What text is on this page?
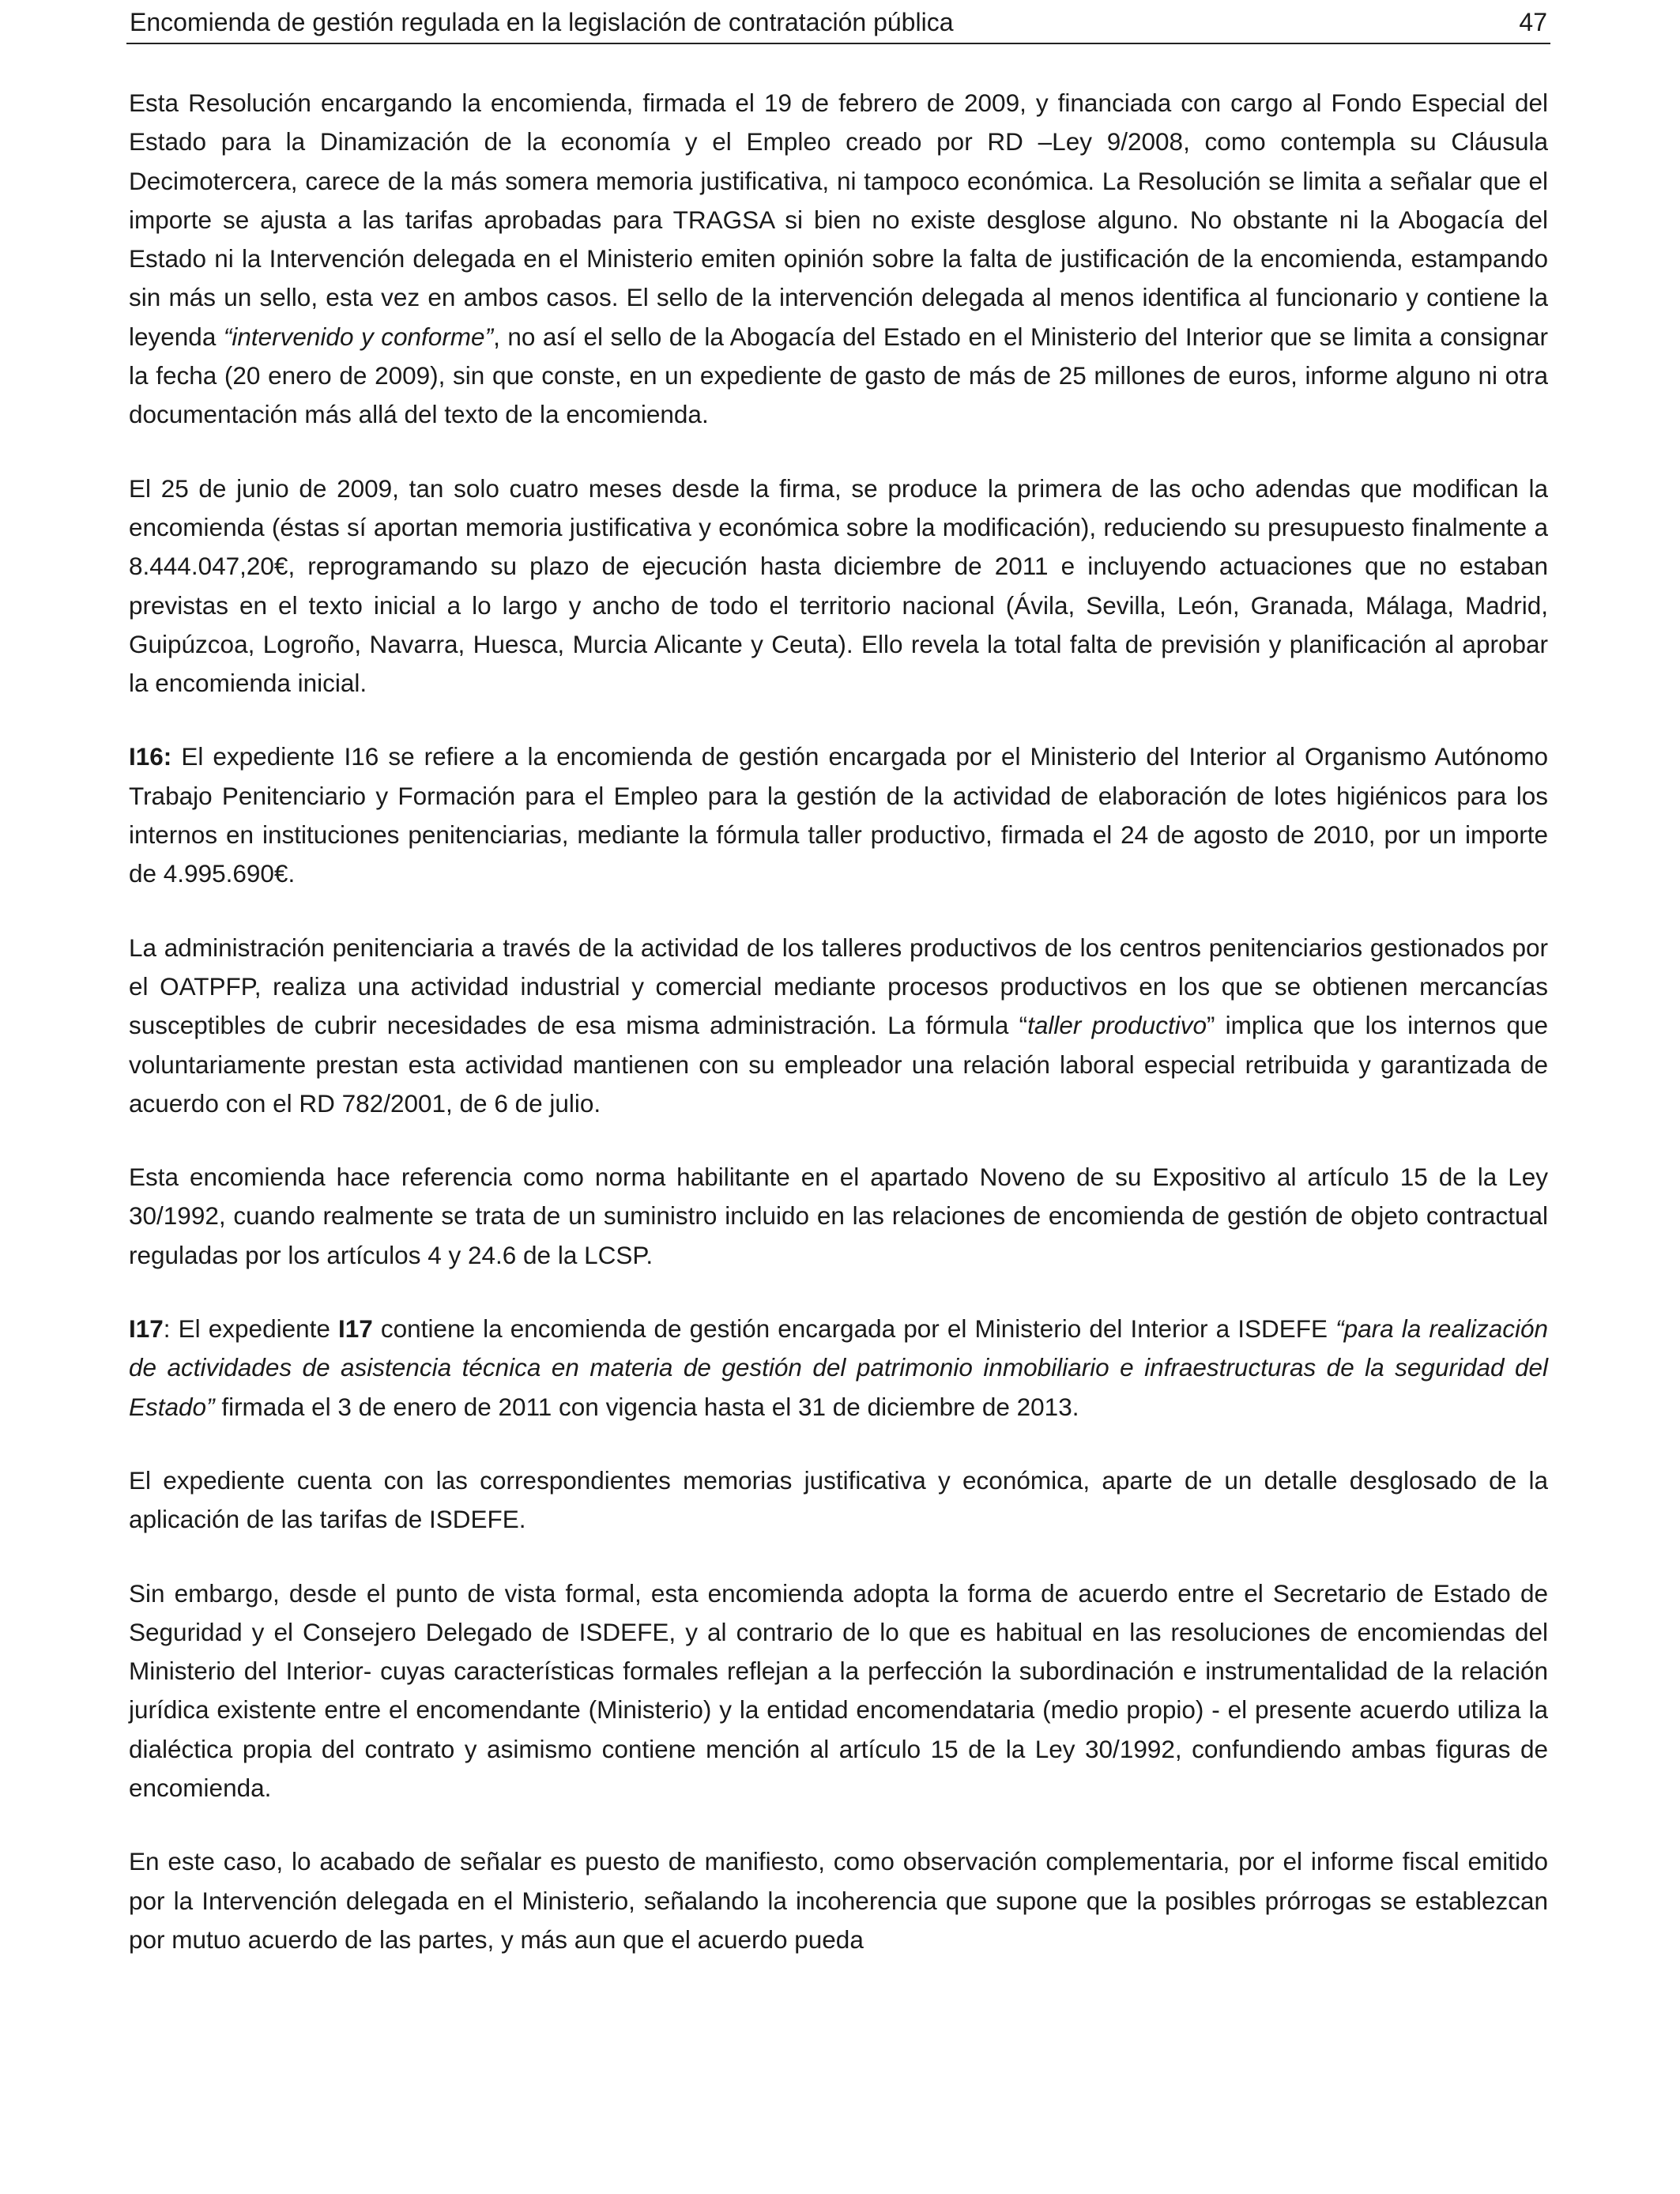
Encomienda de gestión regulada en la legislación de contratación pública	47

Esta Resolución encargando la encomienda, firmada el 19 de febrero de 2009, y financiada con cargo al Fondo Especial del Estado para la Dinamización de la economía y el Empleo creado por RD –Ley 9/2008, como contempla su Cláusula Decimotercera, carece de la más somera memoria justificativa, ni tampoco económica. La Resolución se limita a señalar que el importe se ajusta a las tarifas aprobadas para TRAGSA si bien no existe desglose alguno. No obstante ni la Abogacía del Estado ni la Intervención delegada en el Ministerio emiten opinión sobre la falta de justificación de la encomienda, estampando sin más un sello, esta vez en ambos casos. El sello de la intervención delegada al menos identifica al funcionario y contiene la leyenda “intervenido y conforme”, no así el sello de la Abogacía del Estado en el Ministerio del Interior que se limita a consignar la fecha (20 enero de 2009), sin que conste, en un expediente de gasto de más de 25 millones de euros, informe alguno ni otra documentación más allá del texto de la encomienda.

El 25 de junio de 2009, tan solo cuatro meses desde la firma, se produce la primera de las ocho adendas que modifican la encomienda (éstas sí aportan memoria justificativa y económica sobre la modificación), reduciendo su presupuesto finalmente a 8.444.047,20€, reprogramando su plazo de ejecución hasta diciembre de 2011 e incluyendo actuaciones que no estaban previstas en el texto inicial a lo largo y ancho de todo el territorio nacional (Ávila, Sevilla, León, Granada, Málaga, Madrid, Guipúzcoa, Logroño, Navarra, Huesca, Murcia Alicante y Ceuta). Ello revela la total falta de previsión y planificación al aprobar la encomienda inicial.

I16: El expediente I16 se refiere a la encomienda de gestión encargada por el Ministerio del Interior al Organismo Autónomo Trabajo Penitenciario y Formación para el Empleo para la gestión de la actividad de elaboración de lotes higiénicos para los internos en instituciones penitenciarias, mediante la fórmula taller productivo, firmada el 24 de agosto de 2010, por un importe de 4.995.690€.

La administración penitenciaria a través de la actividad de los talleres productivos de los centros penitenciarios gestionados por el OATPFP, realiza una actividad industrial y comercial mediante procesos productivos en los que se obtienen mercancías susceptibles de cubrir necesidades de esa misma administración. La fórmula “taller productivo” implica que los internos que voluntariamente prestan esta actividad mantienen con su empleador una relación laboral especial retribuida y garantizada de acuerdo con el RD 782/2001, de 6 de julio.

Esta encomienda hace referencia como norma habilitante en el apartado Noveno de su Expositivo al artículo 15 de la Ley 30/1992, cuando realmente se trata de un suministro incluido en las relaciones de encomienda de gestión de objeto contractual reguladas por los artículos 4 y 24.6 de la LCSP.

I17: El expediente I17 contiene la encomienda de gestión encargada por el Ministerio del Interior a ISDEFE “para la realización de actividades de asistencia técnica en materia de gestión del patrimonio inmobiliario e infraestructuras de la seguridad del Estado” firmada el 3 de enero de 2011 con vigencia hasta el 31 de diciembre de 2013.

El expediente cuenta con las correspondientes memorias justificativa y económica, aparte de un detalle desglosado de la aplicación de las tarifas de ISDEFE.

Sin embargo, desde el punto de vista formal, esta encomienda adopta la forma de acuerdo entre el Secretario de Estado de Seguridad y el Consejero Delegado de ISDEFE, y al contrario de lo que es habitual en las resoluciones de encomiendas del Ministerio del Interior- cuyas características formales reflejan a la perfección la subordinación e instrumentalidad de la relación jurídica existente entre el encomendante (Ministerio) y la entidad encomendataria (medio propio) - el presente acuerdo utiliza la dialéctica propia del contrato y asimismo contiene mención al artículo 15 de la Ley 30/1992, confundiendo ambas figuras de encomienda.

En este caso, lo acabado de señalar es puesto de manifiesto, como observación complementaria, por el informe fiscal emitido por la Intervención delegada en el Ministerio, señalando la incoherencia que supone que la posibles prórrogas se establezcan por mutuo acuerdo de las partes, y más aun que el acuerdo pueda
